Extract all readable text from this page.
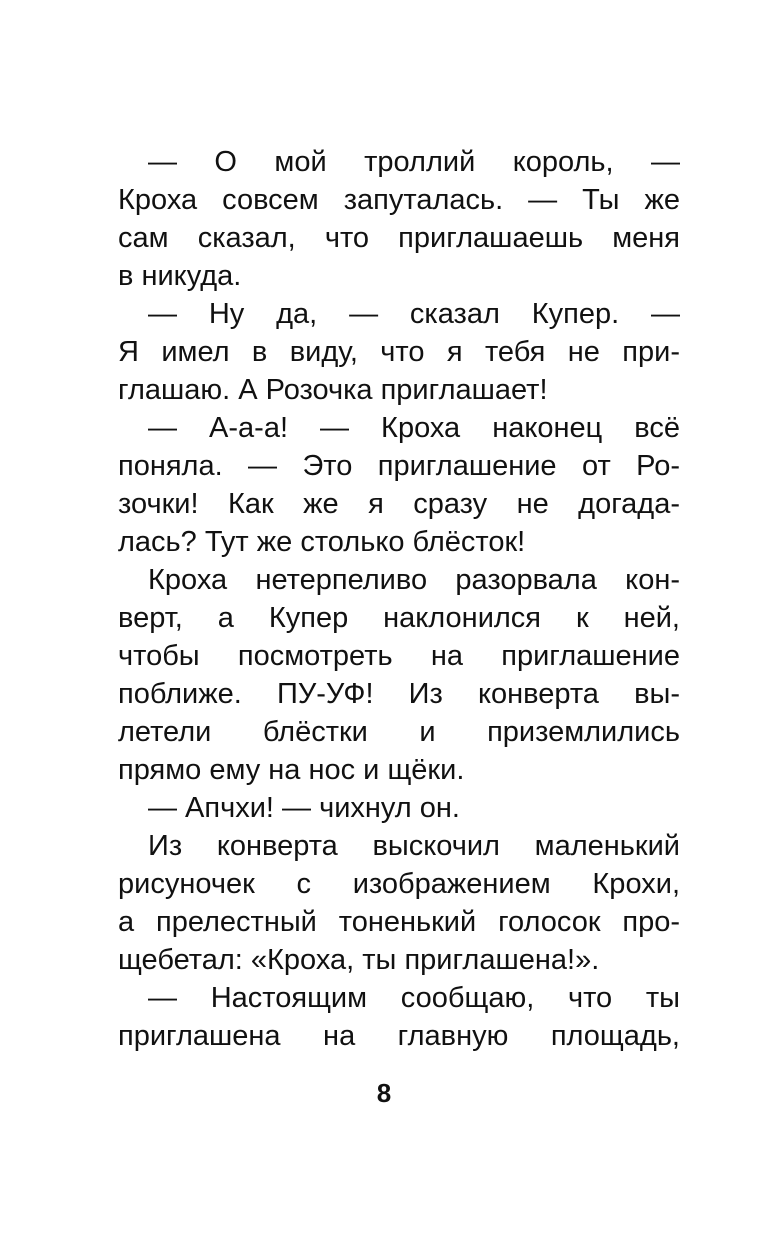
— О мой троллий король, —
Кроха совсем запуталась. — Ты же
сам сказал, что приглашаешь меня
в никуда.
— Ну да, — сказал Купер. —
Я имел в виду, что я тебя не при-
глашаю. А Розочка приглашает!
— А-а-а! — Кроха наконец всё
поняла. — Это приглашение от Ро-
зочки! Как же я сразу не догада-
лась? Тут же столько блёсток!
Кроха нетерпеливо разорвала кон-
верт, а Купер наклонился к ней,
чтобы посмотреть на приглашение
поближе. ПУ-УФ! Из конверта вы-
летели блёстки и приземлились
прямо ему на нос и щёки.
— Апчхи! — чихнул он.
Из конверта выскочил маленький
рисуночек с изображением Крохи,
а прелестный тоненький голосок про-
щебетал: «Кроха, ты приглашена!».
— Настоящим сообщаю, что ты
приглашена на главную площадь,
8
